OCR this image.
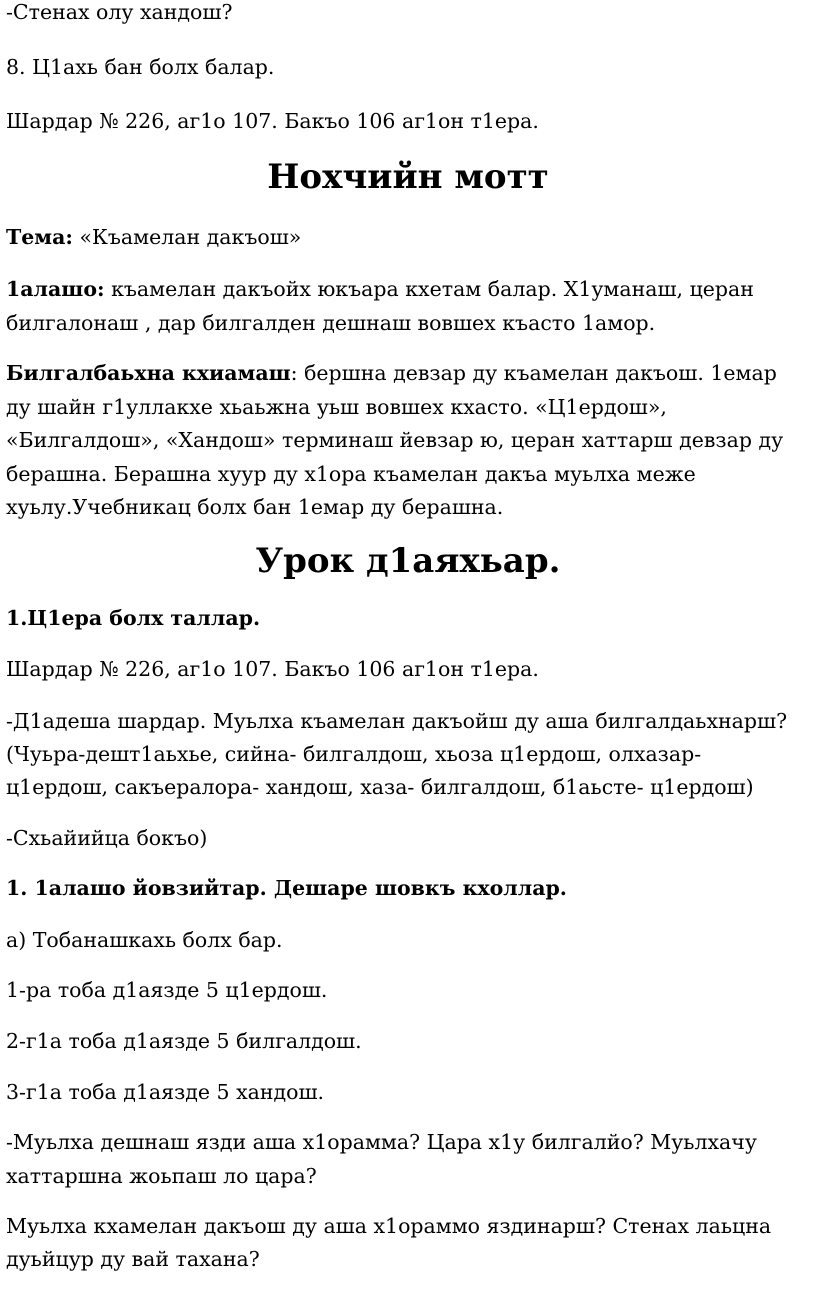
-Стенах олу хандош?
8. Ц1ахь бан болх балар.
Шардар № 226, аг1о 107. Бакъо 106 аг1он т1ера.
Нохчийн мотт
Тема: «Къамелан дакъош»
1алашо: къамелан дакъойх юкъара кхетам балар. Х1уманаш, церан
билгалонаш , дар билгалден дешнаш вовшех къасто 1амор.
Билгалбаьхна кхиамаш: бершна девзар ду къамелан дакъош. 1емар
ду шайн г1уллакхе хьаьжна уьш вовшех кхасто. «Ц1ердош»,
«Билгалдош», «Хандош» терминаш йевзар ю, церан хаттарш девзар ду
берашна. Берашна хуур ду х1ора къамелан дакъа муьлха меже
хуьлу.Учебникац болх бан 1емар ду берашна.
Урок д1аяхьар.
1.Ц1ера болх таллар.
Шардар № 226, аг1о 107. Бакъо 106 аг1он т1ера.
-Д1адеша шардар. Муьлха къамелан дакъойш ду аша билгалдаьхнарш?
(Чуьра-дешт1аьхье, сийна- билгалдош, хьоза ц1ердош, олхазар-
ц1ердош, сакъералора- хандош, хаза- билгалдош, б1аьсте- ц1ердош)
-Схьайийца бокъо)
1. 1алашо йовзийтар. Дешаре шовкъ кхоллар.
а) Тобанашкахь болх бар.
1-ра тоба д1аязде 5 ц1ердош.
2-г1а тоба д1аязде 5 билгалдош.
3-г1а тоба д1аязде 5 хандош.
-Муьлха дешнаш язди аша х1орамма? Цара х1у билгалйо? Муьлхачу
хаттаршна жоьпаш ло цара?
Муьлха кхамелан дакъош ду аша х1ораммо яздинарш? Стенах лаьцна
дуьйцур ду вай тахана?
